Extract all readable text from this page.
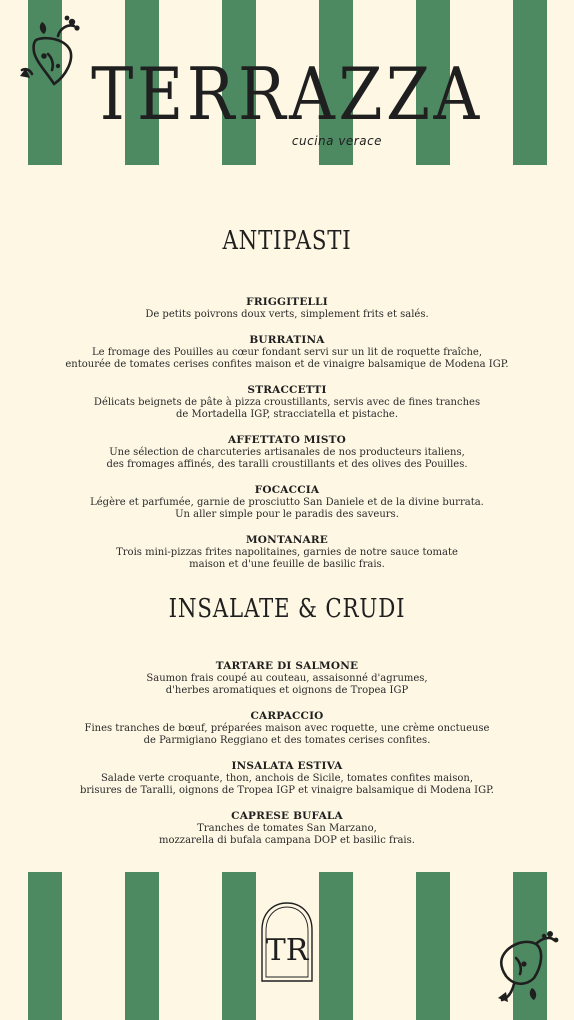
TERRAZZA
cucina verace
ANTIPASTI
FRIGGITELLI
De petits poivrons doux verts, simplement frits et salés.
BURRATINA
Le fromage des Pouilles au cœur fondant servi sur un lit de roquette fraîche,
entourée de tomates cerises confites maison et de vinaigre balsamique de Modena IGP.
STRACCETTI
Délicats beignets de pâte à pizza croustillants, servis avec de fines tranches
de Mortadella IGP, stracciatella et pistache.
AFFETTATO MISTO
Une sélection de charcuteries artisanales de nos producteurs italiens,
des fromages affinés, des taralli croustillants et des olives des Pouilles.
FOCACCIA
Légère et parfumée, garnie de prosciutto San Daniele et de la divine burrata.
Un aller simple pour le paradis des saveurs.
MONTANARE
Trois mini-pizzas frites napolitaines, garnies de notre sauce tomate
maison et d'une feuille de basilic frais.
INSALATE & CRUDI
TARTARE DI SALMONE
Saumon frais coupé au couteau, assaisonné d'agrumes,
d'herbes aromatiques et oignons de Tropea IGP
CARPACCIO
Fines tranches de bœuf, préparées maison avec roquette, une crème onctueuse
de Parmigiano Reggiano et des tomates cerises confites.
INSALATA ESTIVA
Salade verte croquante, thon, anchois de Sicile, tomates confites maison,
brisures de Taralli, oignons de Tropea IGP et vinaigre balsamique di Modena IGP.
CAPRESE BUFALA
Tranches de tomates San Marzano,
mozzarella di bufala campana DOP et basilic frais.
TR
